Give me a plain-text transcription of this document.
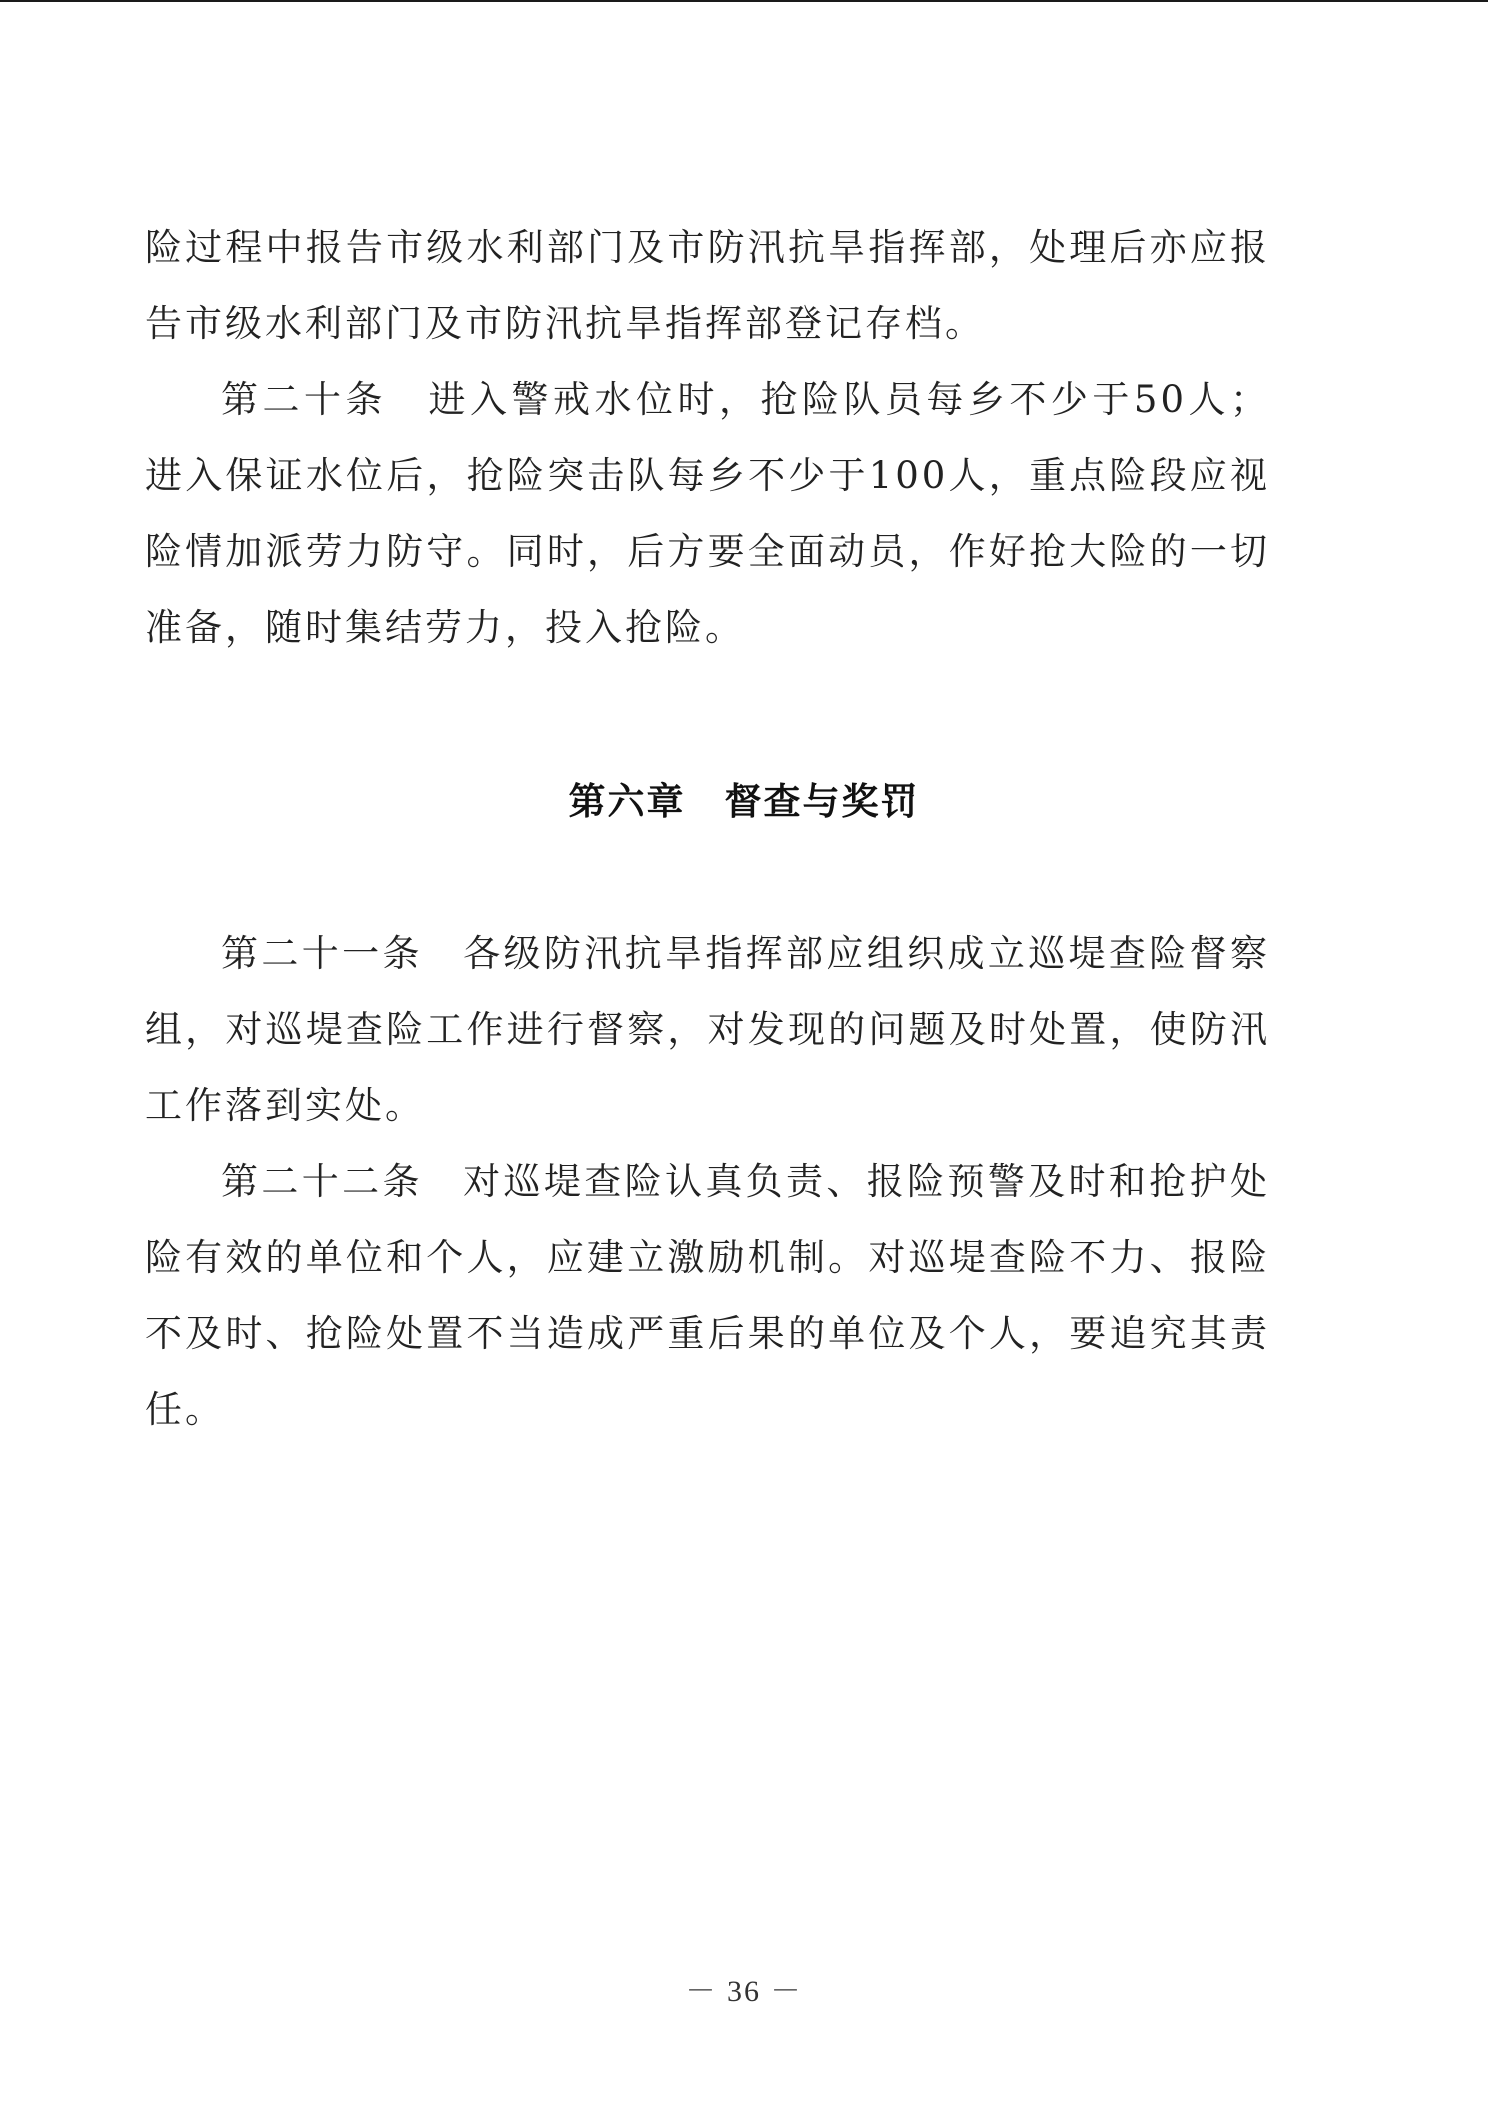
险过程中报告市级水利部门及市防汛抗旱指挥部，处理后亦应报告市级水利部门及市防汛抗旱指挥部登记存档。

第二十条　进入警戒水位时，抢险队员每乡不少于50人；进入保证水位后，抢险突击队每乡不少于100人，重点险段应视险情加派劳力防守。同时，后方要全面动员，作好抢大险的一切准备，随时集结劳力，投入抢险。

第六章　督查与奖罚

第二十一条　各级防汛抗旱指挥部应组织成立巡堤查险督察组，对巡堤查险工作进行督察，对发现的问题及时处置，使防汛工作落到实处。

第二十二条　对巡堤查险认真负责、报险预警及时和抢护处险有效的单位和个人，应建立激励机制。对巡堤查险不力、报险不及时、抢险处置不当造成严重后果的单位及个人，要追究其责任。

－ 36 －
